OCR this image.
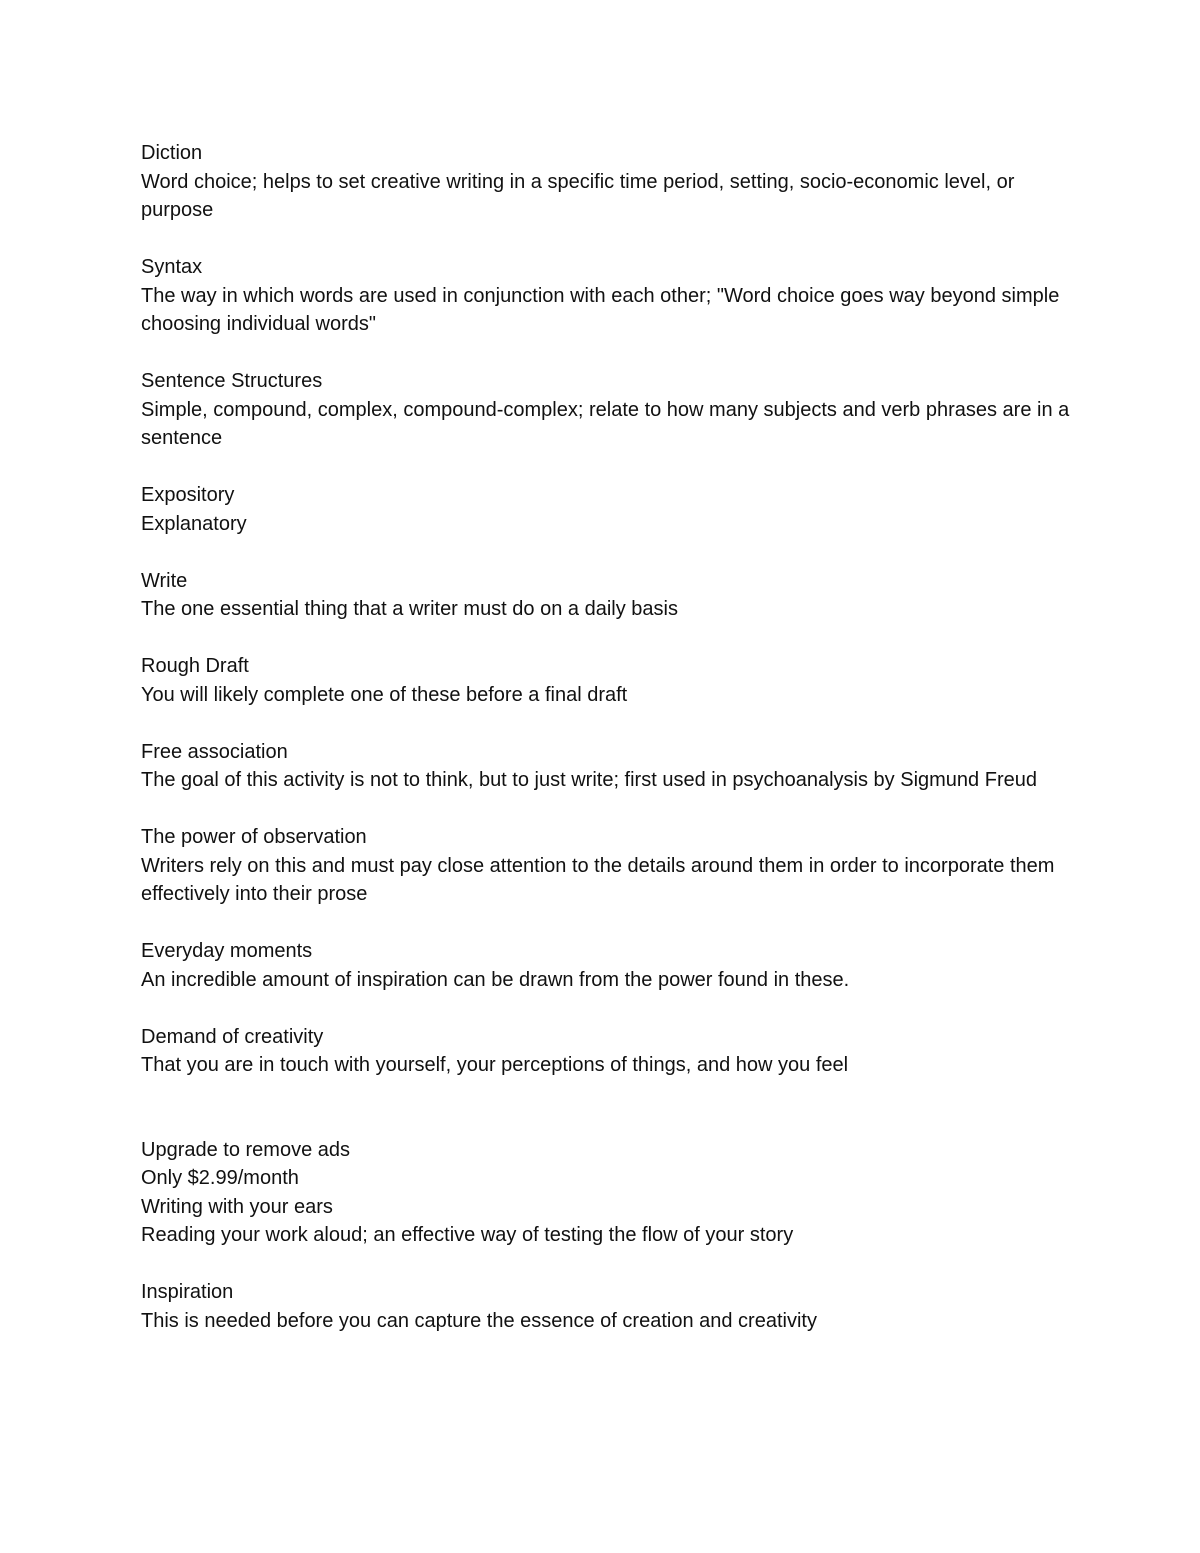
Diction

Word choice; helps to set creative writing in a specific time period, setting, socio-economic level, or purpose

Syntax

The way in which words are used in conjunction with each other; "Word choice goes way beyond simple choosing individual words"

Sentence Structures

Simple, compound, complex, compound-complex; relate to how many subjects and verb phrases are in a sentence

Expository

Explanatory

Write

The one essential thing that a writer must do on a daily basis

Rough Draft

You will likely complete one of these before a final draft

Free association

The goal of this activity is not to think, but to just write; first used in psychoanalysis by Sigmund Freud

The power of observation

Writers rely on this and must pay close attention to the details around them in order to incorporate them effectively into their prose

Everyday moments

An incredible amount of inspiration can be drawn from the power found in these.

Demand of creativity

That you are in touch with yourself, your perceptions of things, and how you feel

Upgrade to remove ads

Only $2.99/month

Writing with your ears

Reading your work aloud; an effective way of testing the flow of your story

Inspiration

This is needed before you can capture the essence of creation and creativity
